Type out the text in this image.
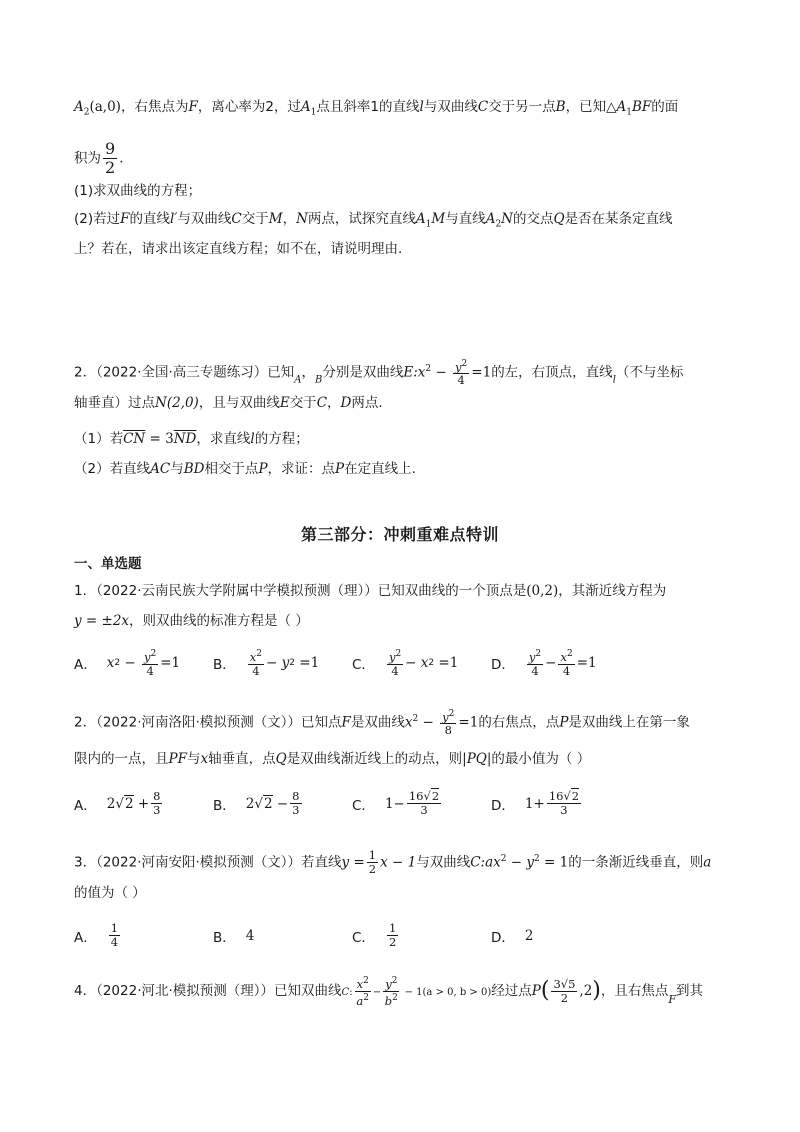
$A_2(a,0)$，右焦点为F，离心率为2，过$A_1$点且斜率1的直线l与双曲线C交于另一点B，已知$\triangle A_1BF$的面
积为 $\frac{9}{2}$ .
(1)求双曲线的方程；
(2)若过F的直线l′与双曲线C交于M，N两点，试探究直线$A_1M$与直线$A_2N$的交点Q是否在某条定直线
上？若在，请求出该定直线方程；如不在，请说明理由.
2．（2022·全国·高三专题练习）已知$_A$，$_B$分别是双曲线$E:x^2 - \frac{y^2}{4} =1$的左，右顶点，直线$_l$（不与坐标
轴垂直）过点N(2,0)，且与双曲线E交于C，D两点.
（1）若$\overline{CN} = 3\overline{ND}$，求直线l的方程；
（2）若直线AC与BD相交于点P，求证：点P在定直线上.
第三部分：冲刺重难点特训
一、单选题
1．（2022·云南民族大学附属中学模拟预测（理））已知双曲线的一个顶点是(0,2)，其渐近线方程为
y = ±2x，则双曲线的标准方程是（ ）
A． x $2 - \frac{y^2}{4} =1$ B． $\frac{x^2}{4} - y$ 2 =1 C． $\frac{y^2}{4} - x$ 2 =1 D． $\frac{y^2}{4} - \frac{x^2}{4} =1$
2．（2022·河南洛阳·模拟预测（文））已知点F是双曲线$x^2 - \frac{y^2}{8} =1$的右焦点，点P是双曲线上在第一象
限内的一点，且PF与x轴垂直，点Q是双曲线渐近线上的动点，则|PQ|的最小值为（ ）
A． $2√2 + \frac{8}{3}$	B． $2√2 - \frac{8}{3}$	C． $1- \frac{16√2}{3}$	D． $1+ \frac{16√2}{3}$
3．（2022·河南安阳·模拟预测（文））若直线$y = \frac{1}{2}$ x − 1与双曲线$C:ax^2 - y^2 = 1$的一条渐近线垂直，则a
的值为（ ）
A． $\frac{1}{4}$	B． 4	C． $\frac{1}{2}$	D． 2
4．（2022·河北·模拟预测（理））已知双曲线C: $\frac{x^2}{a^2} - \frac{y^2}{b^2} - 1(a > 0$, b > 0)经过点$P( \frac{3√5}{2} ,2)$，且右焦点$_F$到其
